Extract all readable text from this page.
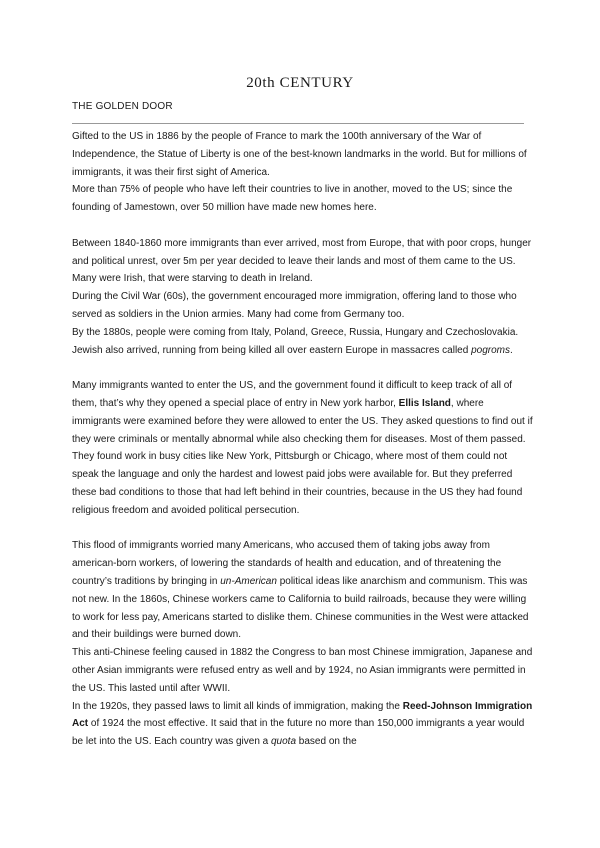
20th CENTURY
THE GOLDEN DOOR

Gifted to the US in 1886 by the people of France to mark the 100th anniversary of the War of Independence, the Statue of Liberty is one of the best-known landmarks in the world. But for millions of immigrants, it was their first sight of America.

More than 75% of people who have left their countries to live in another, moved to the US; since the founding of Jamestown, over 50 million have made new homes here.

Between 1840-1860 more immigrants than ever arrived, most from Europe, that with poor crops, hunger and political unrest, over 5m per year decided to leave their lands and most of them came to the US. Many were Irish, that were starving to death in Ireland.

During the Civil War (60s), the government encouraged more immigration, offering land to those who served as soldiers in the Union armies. Many had come from Germany too.

By the 1880s, people were coming from Italy, Poland, Greece, Russia, Hungary and Czechoslovakia. Jewish also arrived, running from being killed all over eastern Europe in massacres called pogroms.

Many immigrants wanted to enter the US, and the government found it difficult to keep track of all of them, that’s why they opened a special place of entry in New york harbor, Ellis Island, where immigrants were examined before they were allowed to enter the US. They asked questions to find out if they were criminals or mentally abnormal while also checking them for diseases. Most of them passed.

They found work in busy cities like New York, Pittsburgh or Chicago, where most of them could not speak the language and only the hardest and lowest paid jobs were available for. But they preferred these bad conditions to those that had left behind in their countries, because in the US they had found religious freedom and avoided political persecution.

This flood of immigrants worried many Americans, who accused them of taking jobs away from american-born workers, of lowering the standards of health and education, and of threatening the country’s traditions by bringing in un-American political ideas like anarchism and communism. This was not new. In the 1860s, Chinese workers came to California to build railroads, because they were willing to work for less pay, Americans started to dislike them. Chinese communities in the West were attacked and their buildings were burned down.

This anti-Chinese feeling caused in 1882 the Congress to ban most Chinese immigration, Japanese and other Asian immigrants were refused entry as well and by 1924, no Asian immigrants were permitted in the US. This lasted until after WWII.

In the 1920s, they passed laws to limit all kinds of immigration, making the Reed-Johnson Immigration Act of 1924 the most effective. It said that in the future no more than 150,000 immigrants a year would be let into the US. Each country was given a quota based on the
